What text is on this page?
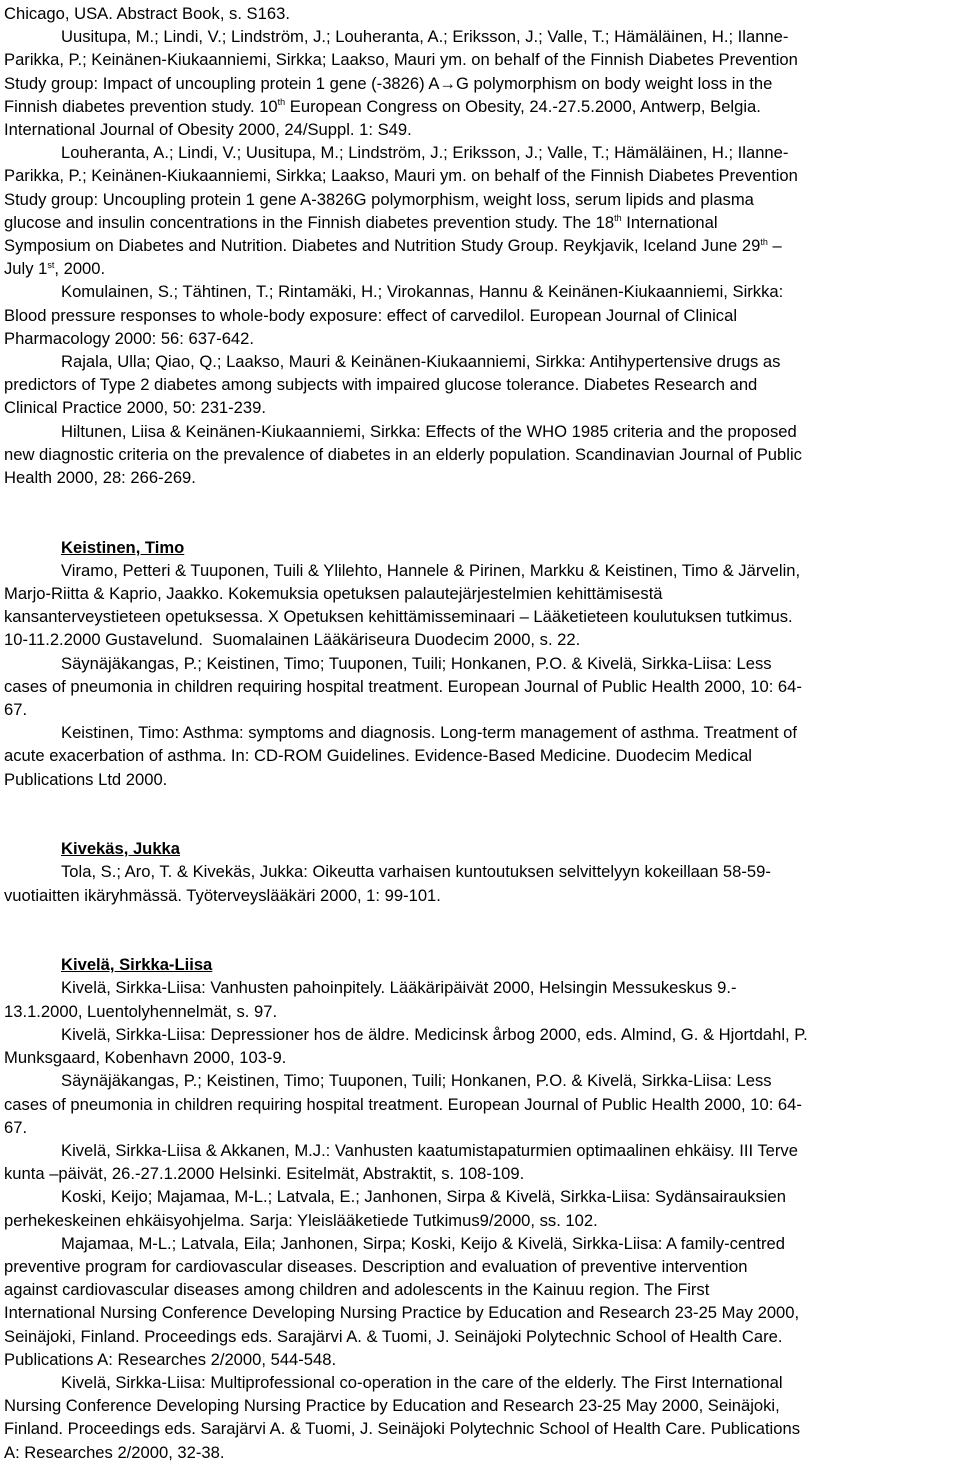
Chicago, USA. Abstract Book, s. S163.
Uusitupa, M.; Lindi, V.; Lindström, J.; Louheranta, A.; Eriksson, J.; Valle, T.; Hämäläinen, H.; Ilanne-
Parikka, P.; Keinänen-Kiukaanniemi, Sirkka; Laakso, Mauri ym. on behalf of the Finnish Diabetes Prevention
Study group: Impact of uncoupling protein 1 gene (-3826) A→G polymorphism on body weight loss in the
Finnish diabetes prevention study. 10th European Congress on Obesity, 24.-27.5.2000, Antwerp, Belgia.
International Journal of Obesity 2000, 24/Suppl. 1: S49.
Louheranta, A.; Lindi, V.; Uusitupa, M.; Lindström, J.; Eriksson, J.; Valle, T.; Hämäläinen, H.; Ilanne-
Parikka, P.; Keinänen-Kiukaanniemi, Sirkka; Laakso, Mauri ym. on behalf of the Finnish Diabetes Prevention
Study group: Uncoupling protein 1 gene A-3826G polymorphism, weight loss, serum lipids and plasma
glucose and insulin concentrations in the Finnish diabetes prevention study. The 18th International
Symposium on Diabetes and Nutrition. Diabetes and Nutrition Study Group. Reykjavik, Iceland June 29th –
July 1st, 2000.
Komulainen, S.; Tähtinen, T.; Rintamäki, H.; Virokannas, Hannu & Keinänen-Kiukaanniemi, Sirkka:
Blood pressure responses to whole-body exposure: effect of carvedilol. European Journal of Clinical
Pharmacology 2000: 56: 637-642.
Rajala, Ulla; Qiao, Q.; Laakso, Mauri & Keinänen-Kiukaanniemi, Sirkka: Antihypertensive drugs as
predictors of Type 2 diabetes among subjects with impaired glucose tolerance. Diabetes Research and
Clinical Practice 2000, 50: 231-239.
Hiltunen, Liisa & Keinänen-Kiukaanniemi, Sirkka: Effects of the WHO 1985 criteria and the proposed
new diagnostic criteria on the prevalence of diabetes in an elderly population. Scandinavian Journal of Public
Health 2000, 28: 266-269.
Keistinen, Timo
Viramo, Petteri & Tuuponen, Tuili & Ylilehto, Hannele & Pirinen, Markku & Keistinen, Timo & Järvelin,
Marjo-Riitta & Kaprio, Jaakko. Kokemuksia opetuksen palautejärjestelmien kehittämisestä
kansanterveystieteen opetuksessa. X Opetuksen kehittämisseminaari – Lääketieteen koulutuksen tutkimus.
10-11.2.2000 Gustavelund.  Suomalainen Lääkäriseura Duodecim 2000, s. 22.
Säynäjäkangas, P.; Keistinen, Timo; Tuuponen, Tuili; Honkanen, P.O. & Kivelä, Sirkka-Liisa: Less
cases of pneumonia in children requiring hospital treatment. European Journal of Public Health 2000, 10: 64-
67.
Keistinen, Timo: Asthma: symptoms and diagnosis. Long-term management of asthma. Treatment of
acute exacerbation of asthma. In: CD-ROM Guidelines. Evidence-Based Medicine. Duodecim Medical
Publications Ltd 2000.
Kivekäs, Jukka
Tola, S.; Aro, T. & Kivekäs, Jukka: Oikeutta varhaisen kuntoutuksen selvittelyyn kokeillaan 58-59-
vuotiaitten ikäryhmässä. Työterveyslääkäri 2000, 1: 99-101.
Kivelä, Sirkka-Liisa
Kivelä, Sirkka-Liisa: Vanhusten pahoinpitely. Lääkäripäivät 2000, Helsingin Messukeskus 9.-
13.1.2000, Luentolyhennelmät, s. 97.
Kivelä, Sirkka-Liisa: Depressioner hos de äldre. Medicinsk årbog 2000, eds. Almind, G. & Hjortdahl, P.
Munksgaard, Kobenhavn 2000, 103-9.
Säynäjäkangas, P.; Keistinen, Timo; Tuuponen, Tuili; Honkanen, P.O. & Kivelä, Sirkka-Liisa: Less
cases of pneumonia in children requiring hospital treatment. European Journal of Public Health 2000, 10: 64-
67.
Kivelä, Sirkka-Liisa & Akkanen, M.J.: Vanhusten kaatumistapaturmien optimaalinen ehkäisy. III Terve
kunta –päivät, 26.-27.1.2000 Helsinki. Esitelmät, Abstraktit, s. 108-109.
Koski, Keijo; Majamaa, M-L.; Latvala, E.; Janhonen, Sirpa & Kivelä, Sirkka-Liisa: Sydänsairauksien
perhekeskeinen ehkäisyohjelma. Sarja: Yleislääketiede Tutkimus9/2000, ss. 102.
Majamaa, M-L.; Latvala, Eila; Janhonen, Sirpa; Koski, Keijo & Kivelä, Sirkka-Liisa: A family-centred
preventive program for cardiovascular diseases. Description and evaluation of preventive intervention
against cardiovascular diseases among children and adolescents in the Kainuu region. The First
International Nursing Conference Developing Nursing Practice by Education and Research 23-25 May 2000,
Seinäjoki, Finland. Proceedings eds. Sarajärvi A. & Tuomi, J. Seinäjoki Polytechnic School of Health Care.
Publications A: Researches 2/2000, 544-548.
Kivelä, Sirkka-Liisa: Multiprofessional co-operation in the care of the elderly. The First International
Nursing Conference Developing Nursing Practice by Education and Research 23-25 May 2000, Seinäjoki,
Finland. Proceedings eds. Sarajärvi A. & Tuomi, J. Seinäjoki Polytechnic School of Health Care. Publications
A: Researches 2/2000, 32-38.
